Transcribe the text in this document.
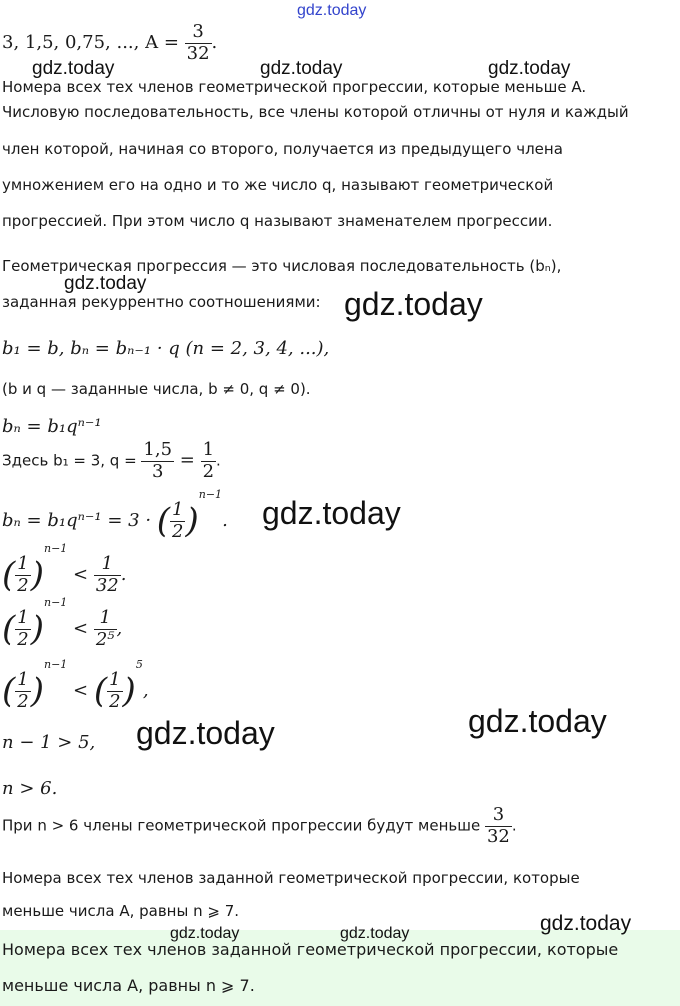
gdz.today
gdz.today	gdz.today	gdz.today
gdz.today
gdz.today
gdz.today
gdz.today
gdz.today
gdz.today
gdz.today	gdz.today
3, 1,5, 0,75, ..., $A = \frac{3}{32}$ .
Номера всех тех членов геометрической прогрессии, которые меньше A.
Числовую последовательность, все члены которой отличны от нуля и каждый
член которой, начиная со второго, получается из предыдущего члена
умножением его на одно и то же число q, называют геометрической
прогрессией. При этом число q называют знаменателем прогрессии.
Геометрическая прогрессия — это числовая последовательность (bₙ),
заданная рекуррентно соотношениями:
b₁ = b, bₙ = bₙ₋₁ · q (n = 2, 3, 4, ...),
(b и q — заданные числа, b ≠ 0, q ≠ 0).
bₙ = b₁qⁿ⁻¹
Здесь b₁ = 3, $q = \frac{1,5}{3} = \frac{1}{2}$ .
bₙ = b₁qⁿ⁻¹ = 3 · ( $\frac{1}{2} )^{n-1}$.
( $\frac{1}{2} )^{n-1} < \frac{1}{32}$ .
( $\frac{1}{2} )^{n-1} < \frac{1}{\text{2⁵}}$ ,
( $\frac{1}{2} )^{n-1}$ < ( $\frac{1}{2} )^5$,
n − 1 > 5,
n > 6.
При n > 6 члены геометрической прогрессии будут меньше $\frac{3}{32}$ .
Номера всех тех членов заданной геометрической прогрессии, которые
меньше числа A, равны n ⩾ 7.
Номера всех тех членов заданной геометрической прогрессии, которые
меньше числа A, равны n ⩾ 7.
